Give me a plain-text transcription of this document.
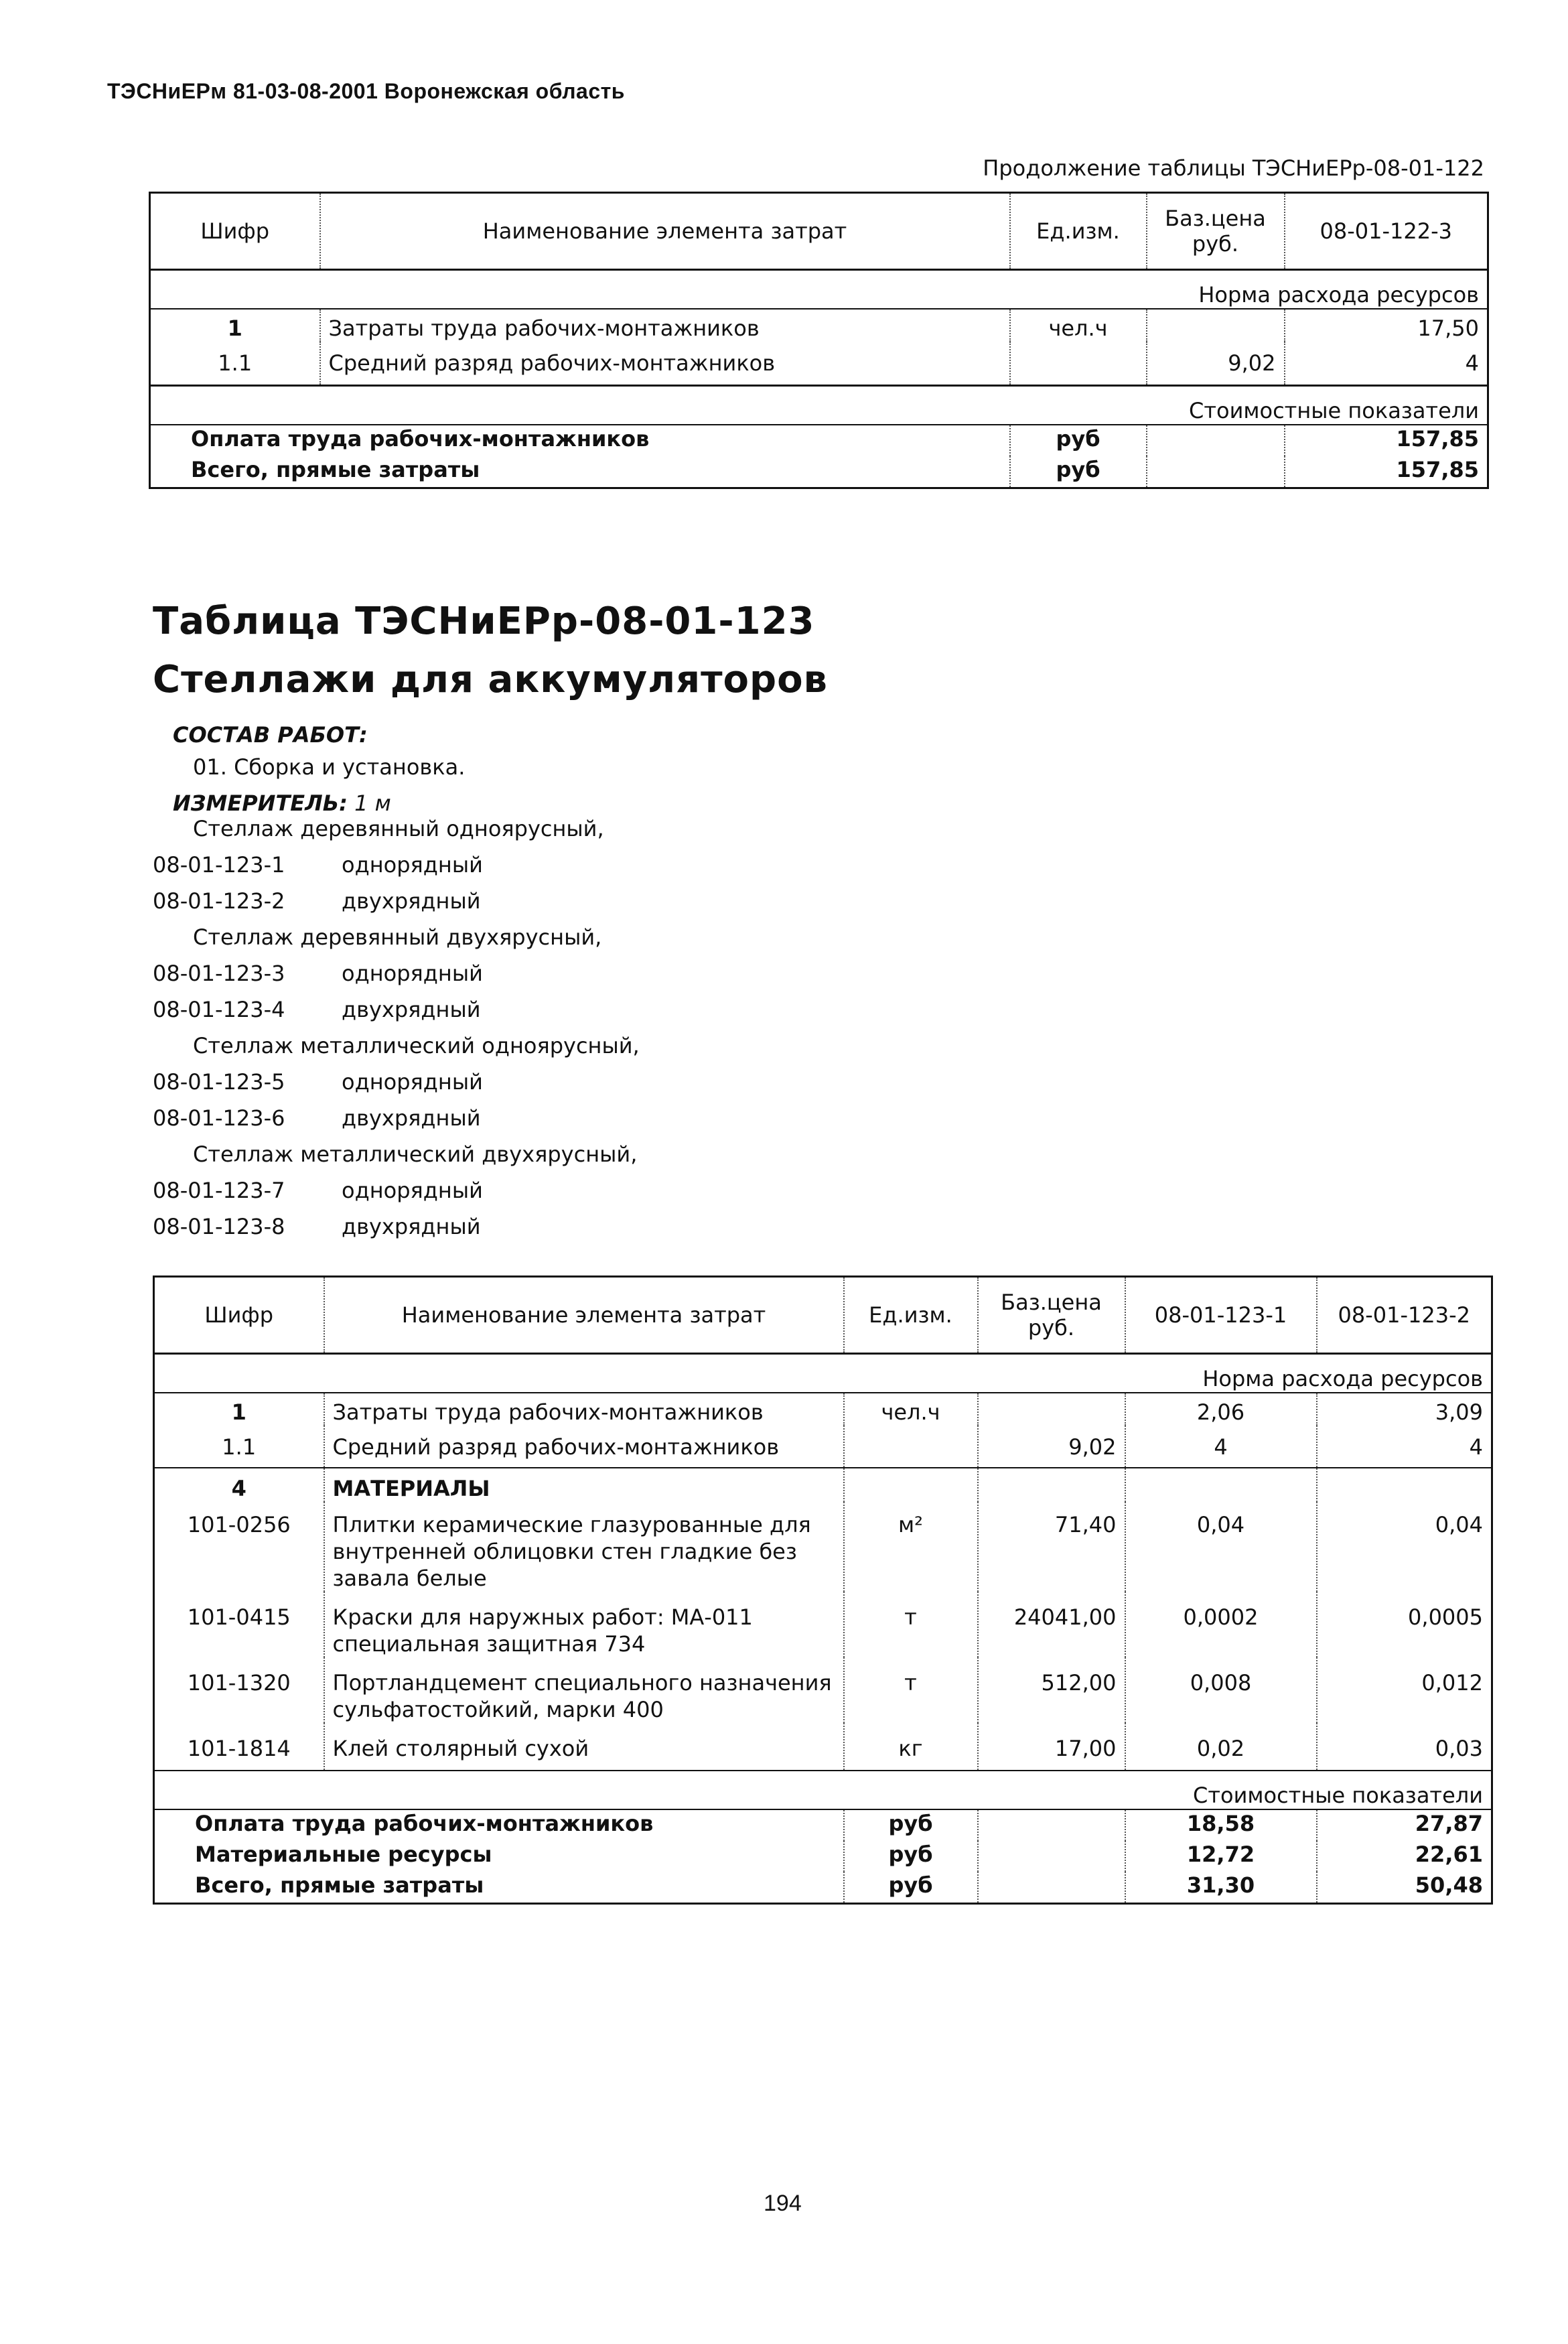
ТЭСНиЕРм 81-03-08-2001 Воронежская область
Продолжение таблицы ТЭСНиЕРр-08-01-122
Шифр	Наименование элемента затрат	Ед.изм.	Баз.цена руб.	08-01-122-3
Норма расхода ресурсов				
1	Затраты труда рабочих-монтажников	чел.ч		17,50
1.1	Средний разряд рабочих-монтажников		9,02	4
Стоимостные показатели				
Оплата труда рабочих-монтажников		руб		157,85
Всего, прямые затраты		руб		157,85
Таблица ТЭСНиЕРр-08-01-123
Стеллажи для аккумуляторов
СОСТАВ РАБОТ:
01. Сборка и установка.
ИЗМЕРИТЕЛЬ: 1 м
Стеллаж деревянный одноярусный,
08-01-123-1	однорядный
08-01-123-2	двухрядный
Стеллаж деревянный двухярусный,
08-01-123-3	однорядный
08-01-123-4	двухрядный
Стеллаж металлический одноярусный,
08-01-123-5	однорядный
08-01-123-6	двухрядный
Стеллаж металлический двухярусный,
08-01-123-7	однорядный
08-01-123-8	двухрядный
Шифр	Наименование элемента затрат	Ед.изм.	Баз.цена руб.	08-01-123-1	08-01-123-2
Норма расхода ресурсов					
1	Затраты труда рабочих-монтажников	чел.ч		2,06	3,09
1.1	Средний разряд рабочих-монтажников		9,02	4	4
4	МАТЕРИАЛЫ				
101-0256	Плитки керамические глазурованные для внутренней облицовки стен гладкие без завала белые	м²	71,40	0,04	0,04
101-0415	Краски для наружных работ: МА-011 специальная защитная 734	т	24041,00	0,0002	0,0005
101-1320	Портландцемент специального назначения сульфатостойкий, марки 400	т	512,00	0,008	0,012
101-1814	Клей столярный сухой	кг	17,00	0,02	0,03
Стоимостные показатели					
Оплата труда рабочих-монтажников		руб		18,58	27,87
Материальные ресурсы		руб		12,72	22,61
Всего, прямые затраты		руб		31,30	50,48
194
